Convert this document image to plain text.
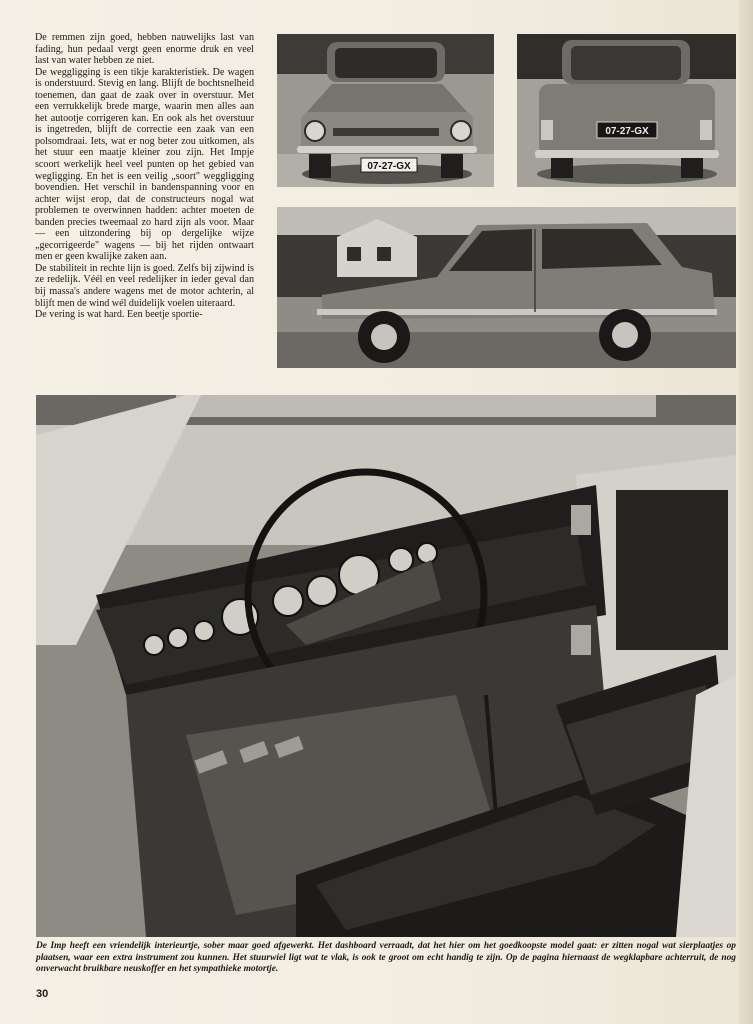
De remmen zijn goed, hebben nauwelijks last van fading, hun pedaal vergt geen enorme druk en veel last van water hebben ze niet.

De weggligging is een tikje karakteristiek. De wagen is onderstuurd. Stevig en lang. Blijft de bochtsnelheid toenemen, dan gaat de zaak over in overstuur. Met een verrukkelijk brede marge, waarin men alles aan het autootje corrigeren kan. En ook als het overstuur is ingetreden, blijft de correctie een zaak van een polsomdraai. Iets, wat er nog beter zou uitkomen, als het stuur een maatje kleiner zou zijn. Het Impje scoort werkelijk heel veel punten op het gebied van wegligging. En het is een veilig „soort" weggligging bovendien. Het verschil in bandenspanning voor en achter wijst erop, dat de constructeurs nogal wat problemen te overwinnen hadden: achter moeten de banden precies tweemaal zo hard zijn als voor. Maar — een uitzondering bij op dergelijke wijze „gecorrigeerde" wagens — bij het rijden ontwaart men er geen kwalijke zaken aan.

De stabiliteit in rechte lijn is goed. Zelfs bij zijwind is ze redelijk. Véél en veel redelijker in ieder geval dan bij massa's andere wagens met de motor achterin, al blijft men de wind wél duidelijk voelen uiteraard.

De vering is wat hard. Een beetje sportie-

07-27-GX
07-27-GX

De Imp heeft een vriendelijk interieurtje, sober maar goed afgewerkt. Het dashboard verraadt, dat het hier om het goedkoopste model gaat: er zitten nogal wat sierplaatjes op plaatsen, waar een extra instrument zou kunnen. Het stuurwiel ligt wat te vlak, is ook te groot om echt handig te zijn. Op de pagina hiernaast de wegklapbare achterruit, de nog onverwacht bruikbare neuskoffer en het sympathieke motortje.

30
